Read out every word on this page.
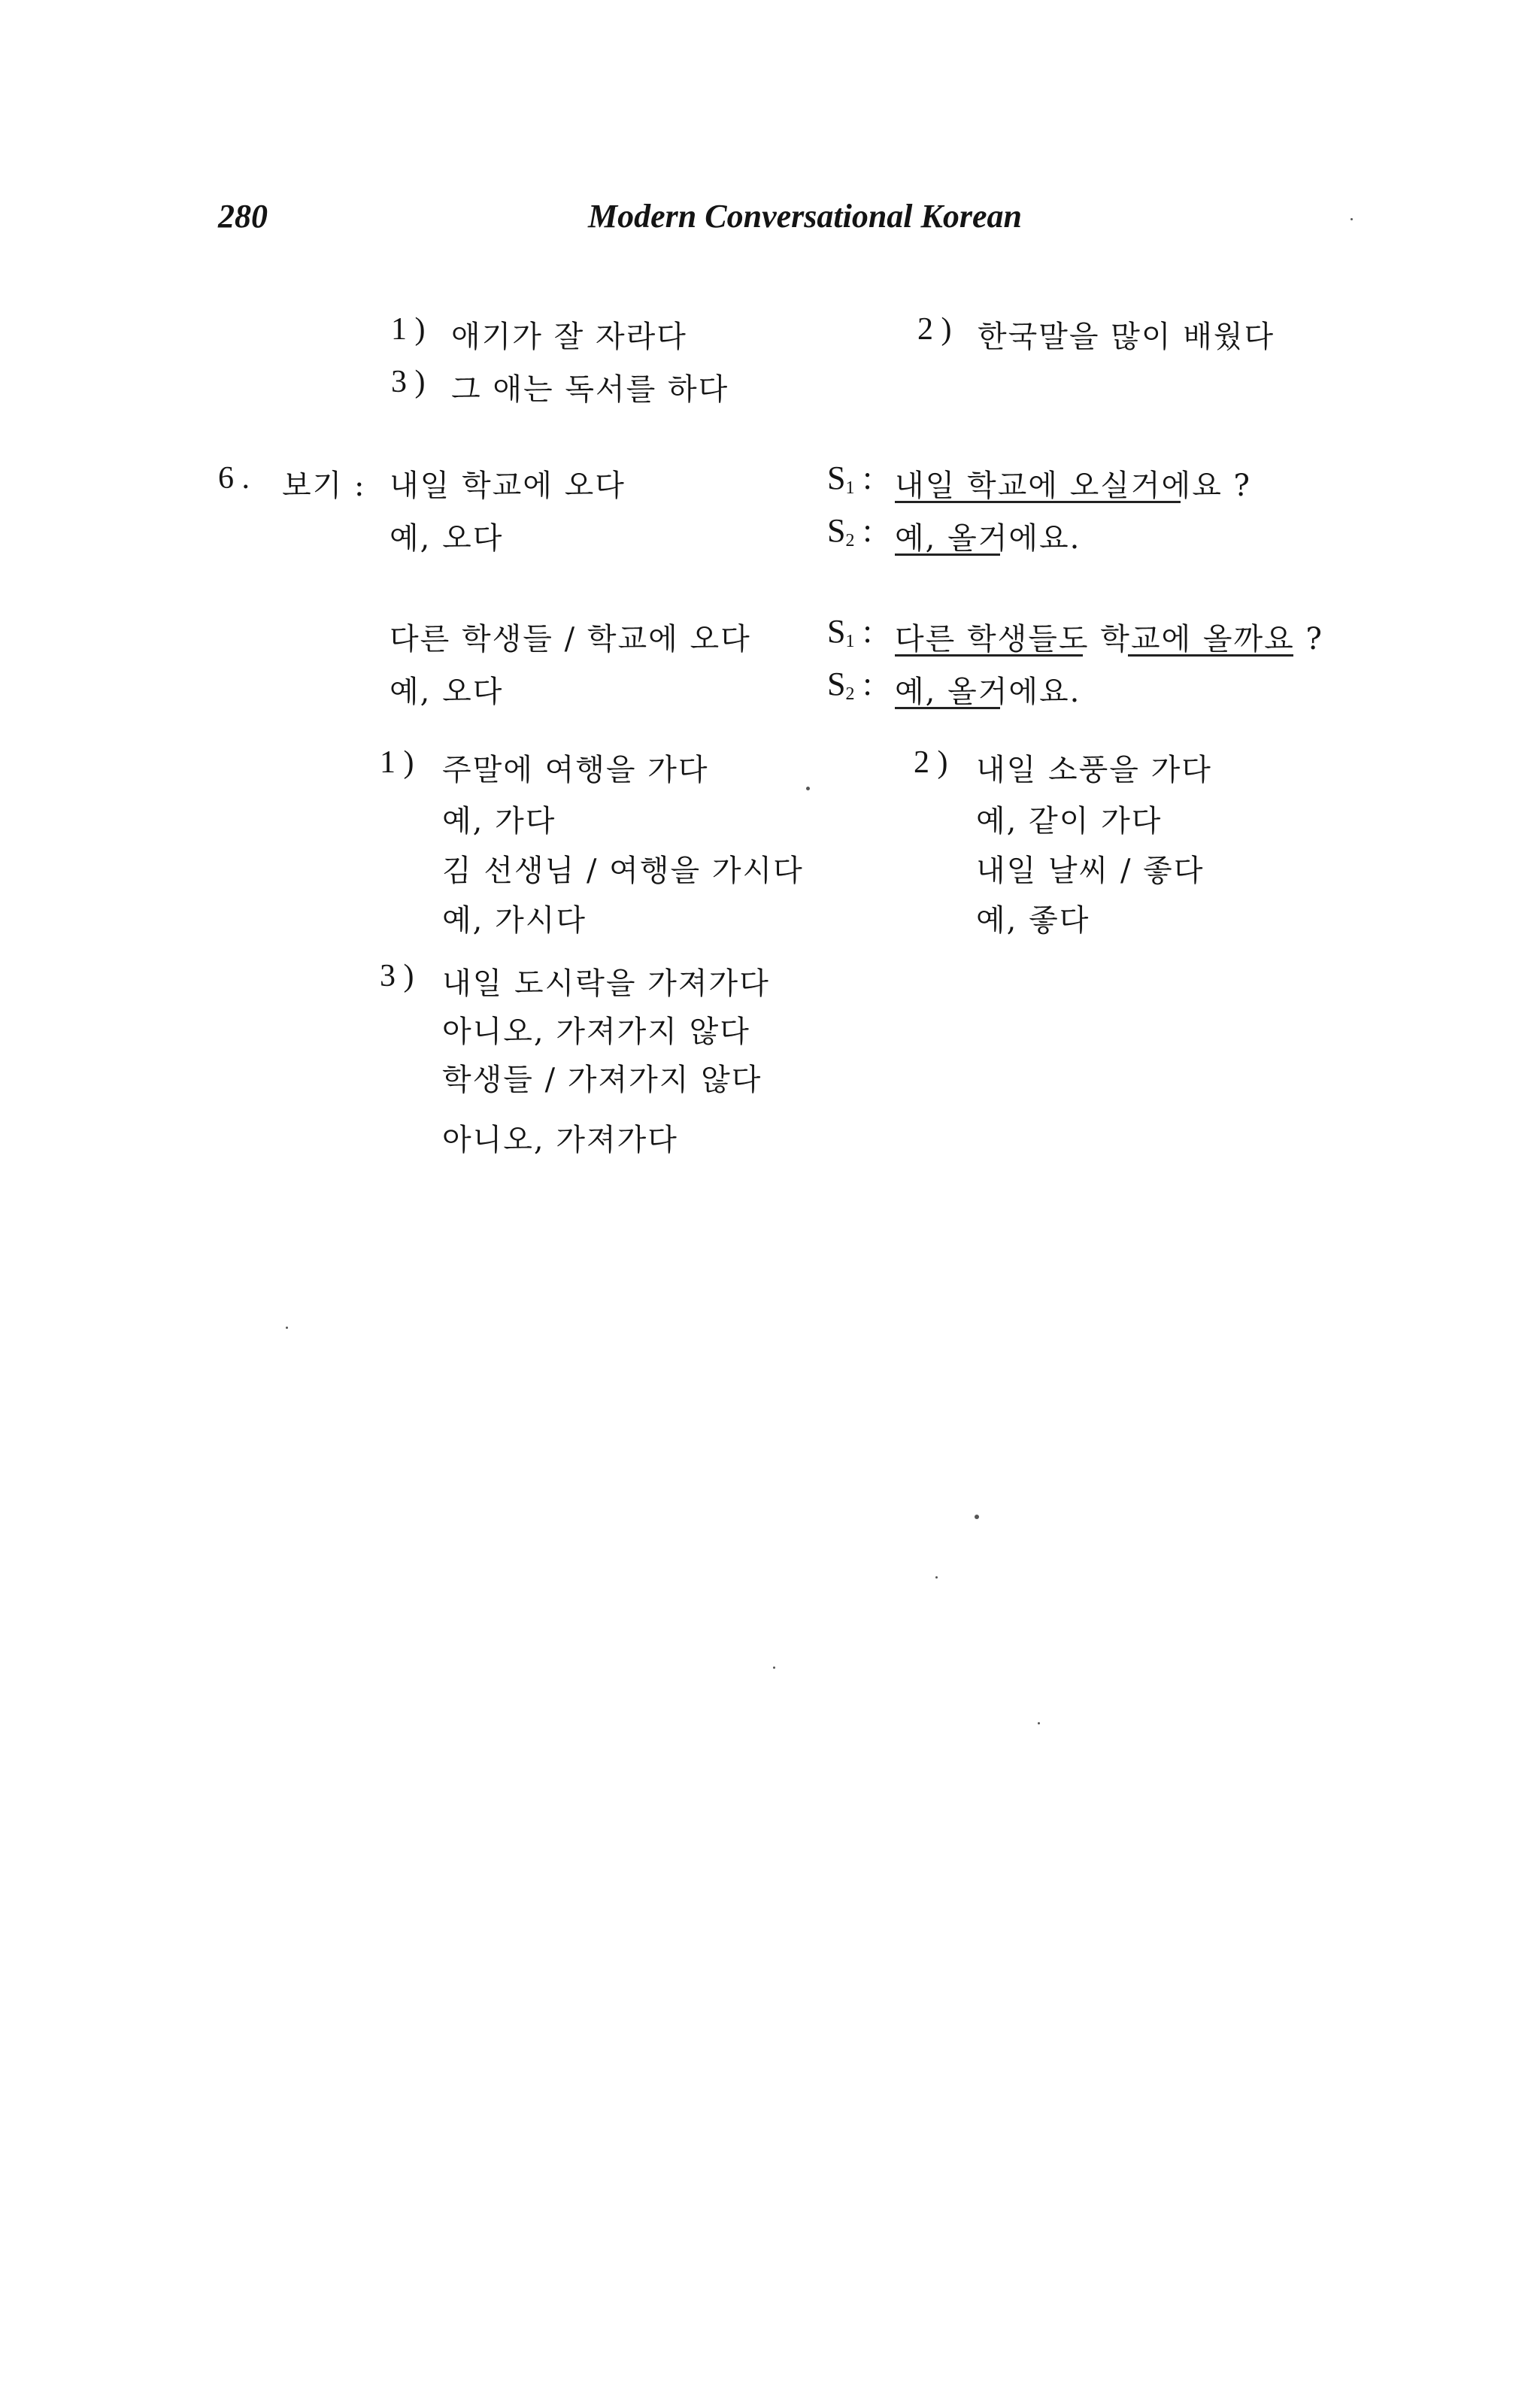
280	Modern Conversational Korean
1 ) 애기가 잘 자라다	2 ) 한국말을 많이 배웠다
3 ) 그 애는 독서를 하다
6 . 보기 : 내일 학교에 오다
예, 오다
$S_1$ : 내일 학교에 오실거에요 ?
$S_2$ : 예, 올거에요.
다른 학생들 / 학교에 오다
예, 오다
$S_1$ : 다른 학생들도 학교에 올까요 ?
$S_2$ : 예, 올거에요.
1 ) 주말에 여행을 가다
예, 가다
김 선생님 / 여행을 가시다
예, 가시다
2 ) 내일 소풍을 가다
예, 같이 가다
내일 날씨 / 좋다
예, 좋다
3 ) 내일 도시락을 가져가다
아니오, 가져가지 않다
학생들 / 가져가지 않다
아니오, 가져가다
